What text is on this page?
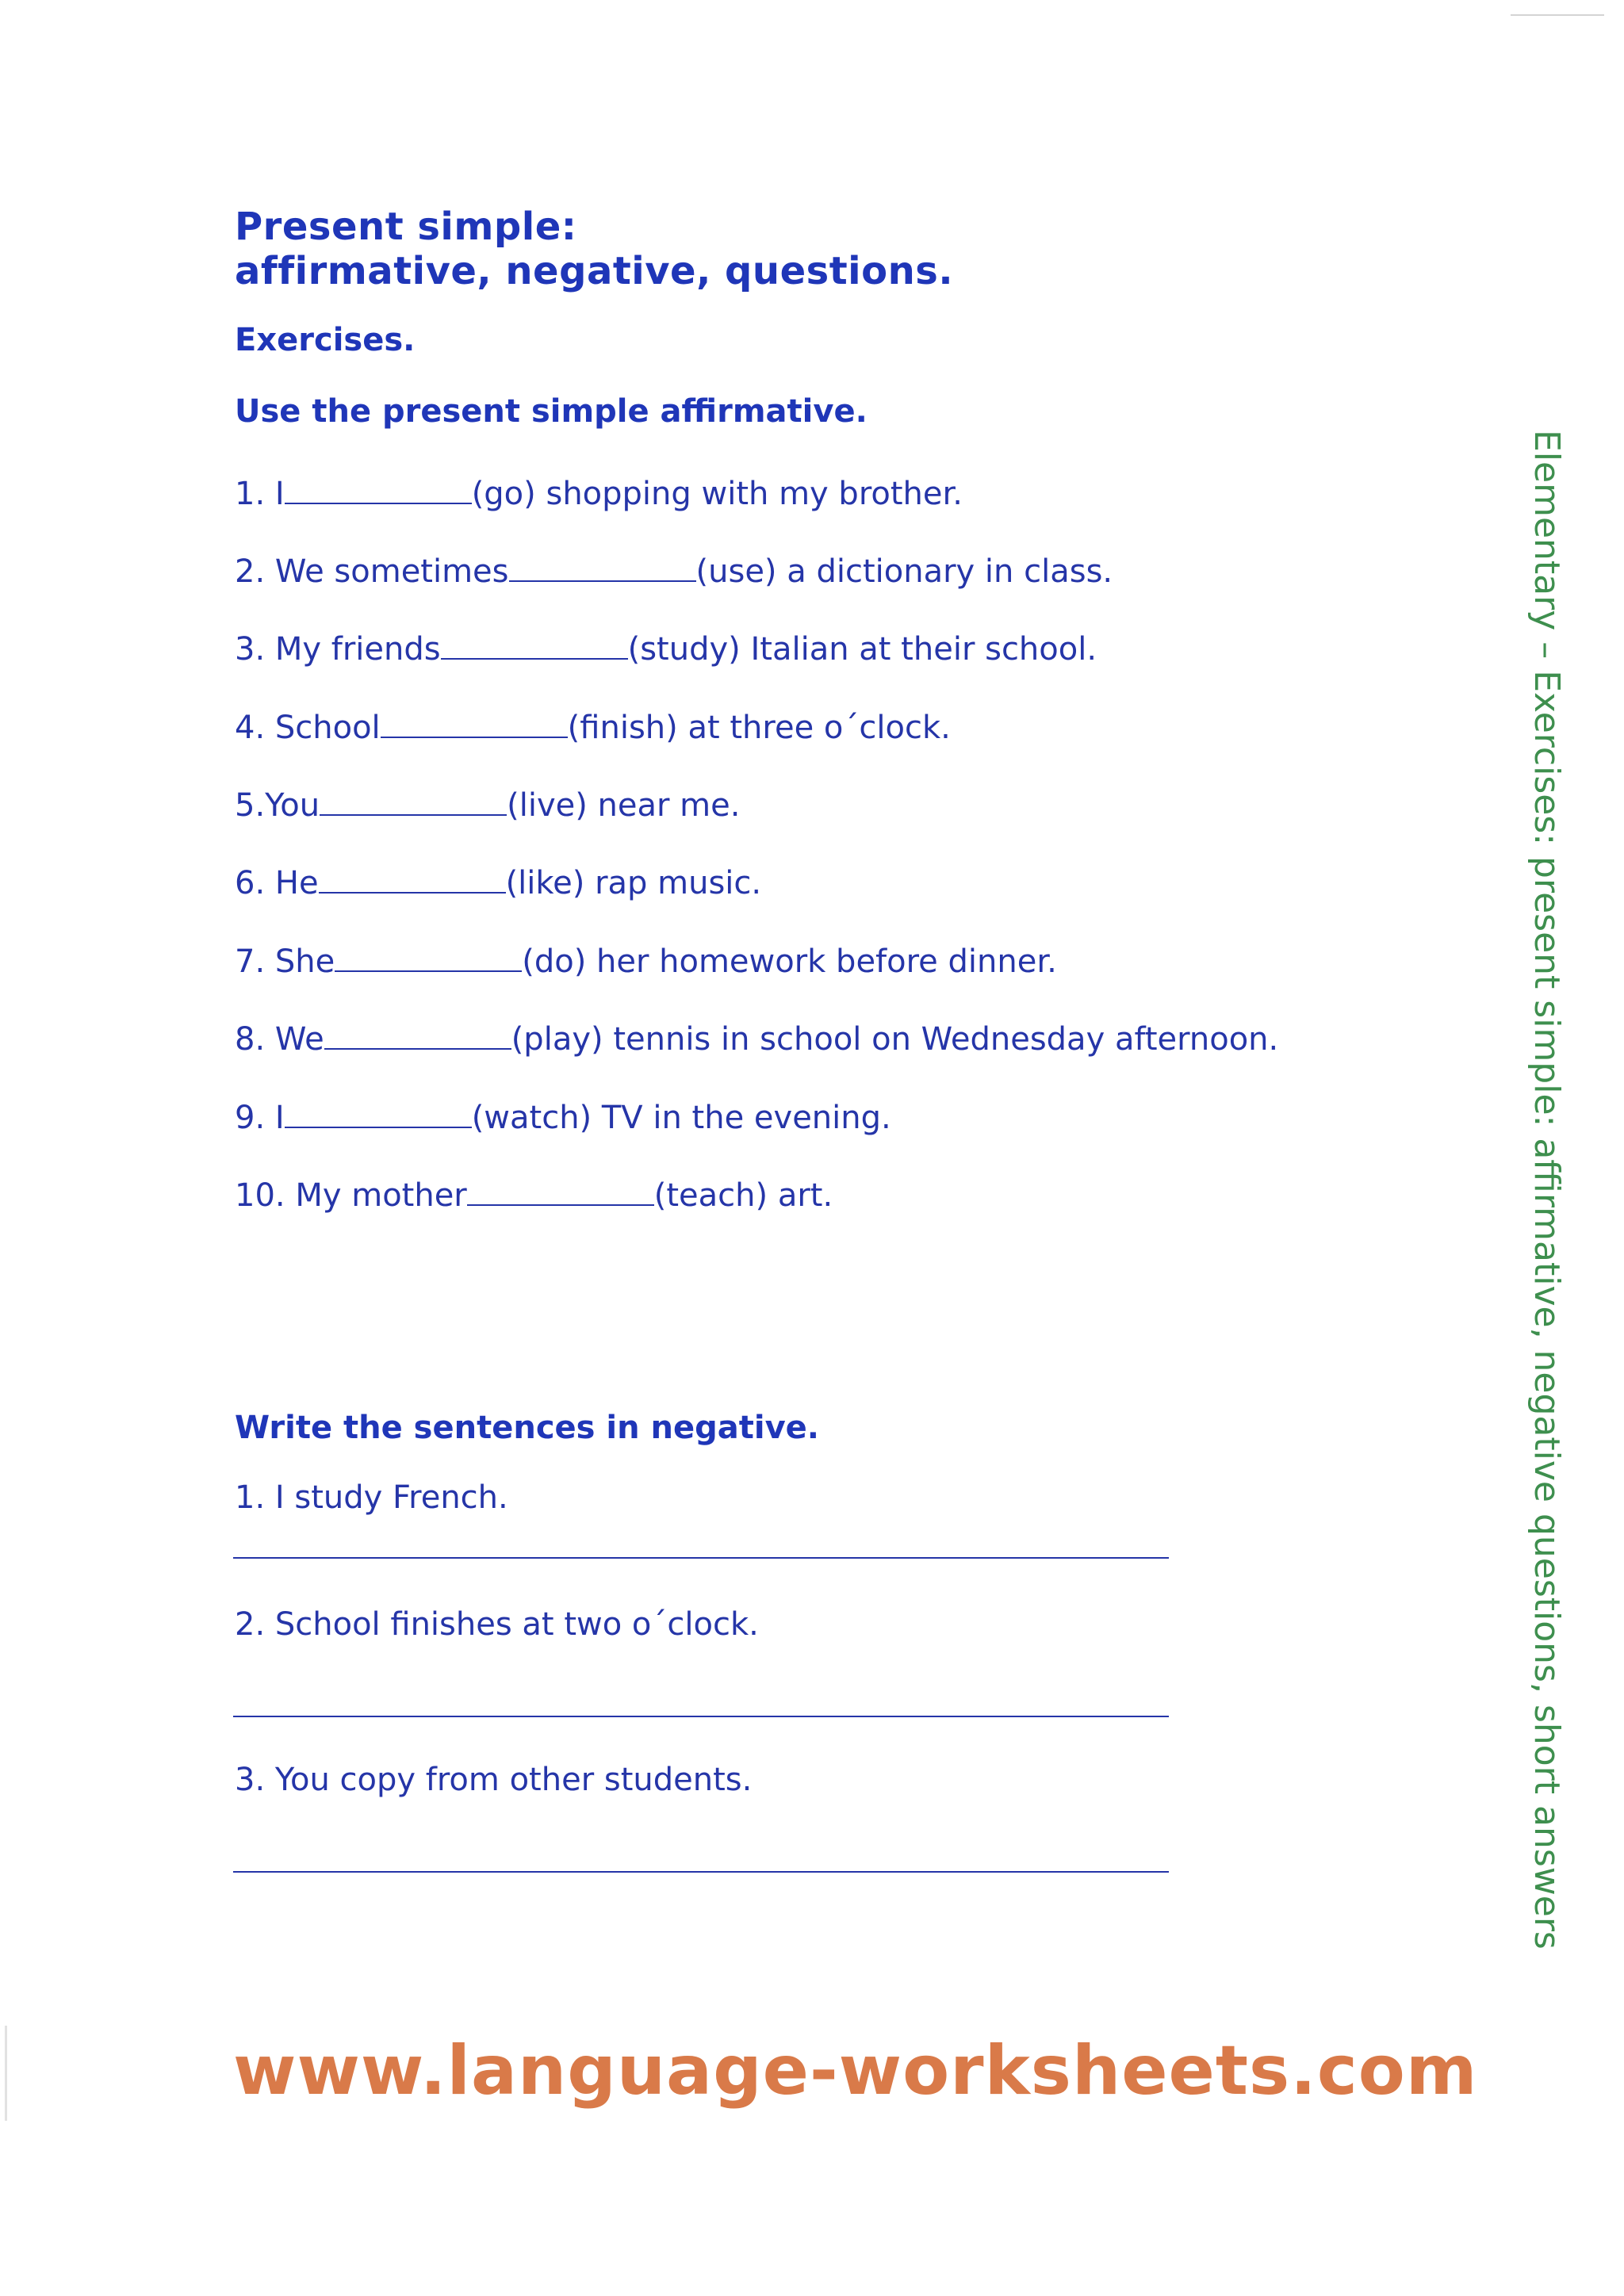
Present simple:
affirmative, negative, questions.
Exercises.
Use the present simple affirmative.
1. I	(go) shopping with my brother.
2. We sometimes	(use) a dictionary in class.
3. My friends	(study) Italian at their school.
4. School	(finish) at three o´clock.
5.You	(live) near me.
6. He	(like) rap music.
7. She	(do) her homework before dinner.
8. We	(play) tennis in school on Wednesday afternoon.
9. I	(watch) TV in the evening.
10. My mother	(teach) art.
Write the sentences in negative.
1. I study French.
2. School finishes at two o´clock.
3. You copy from other students.	Elementary – Exercises: present simple: affirmative, negative questions, short answers
www.language-worksheets.com
